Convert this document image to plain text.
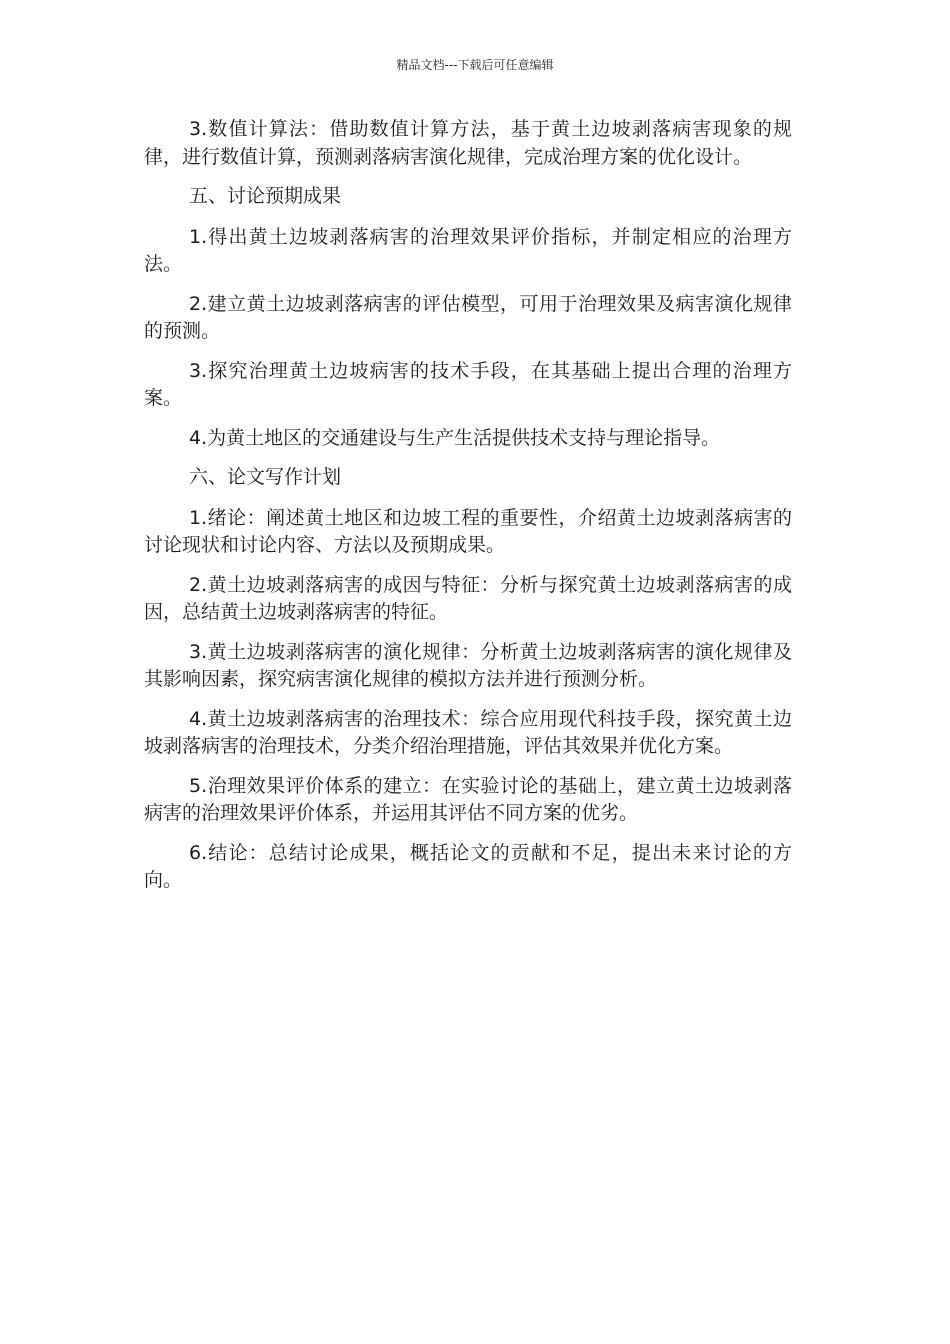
精品文档---下载后可任意编辑

3.数值计算法：借助数值计算方法，基于黄土边坡剥落病害现象的规律，进行数值计算，预测剥落病害演化规律，完成治理方案的优化设计。

五、讨论预期成果

1.得出黄土边坡剥落病害的治理效果评价指标，并制定相应的治理方法。

2.建立黄土边坡剥落病害的评估模型，可用于治理效果及病害演化规律的预测。

3.探究治理黄土边坡病害的技术手段，在其基础上提出合理的治理方案。

4.为黄土地区的交通建设与生产生活提供技术支持与理论指导。

六、论文写作计划

1.绪论：阐述黄土地区和边坡工程的重要性，介绍黄土边坡剥落病害的讨论现状和讨论内容、方法以及预期成果。

2.黄土边坡剥落病害的成因与特征：分析与探究黄土边坡剥落病害的成因，总结黄土边坡剥落病害的特征。

3.黄土边坡剥落病害的演化规律：分析黄土边坡剥落病害的演化规律及其影响因素，探究病害演化规律的模拟方法并进行预测分析。

4.黄土边坡剥落病害的治理技术：综合应用现代科技手段，探究黄土边坡剥落病害的治理技术，分类介绍治理措施，评估其效果并优化方案。

5.治理效果评价体系的建立：在实验讨论的基础上，建立黄土边坡剥落病害的治理效果评价体系，并运用其评估不同方案的优劣。

6.结论：总结讨论成果，概括论文的贡献和不足，提出未来讨论的方向。
